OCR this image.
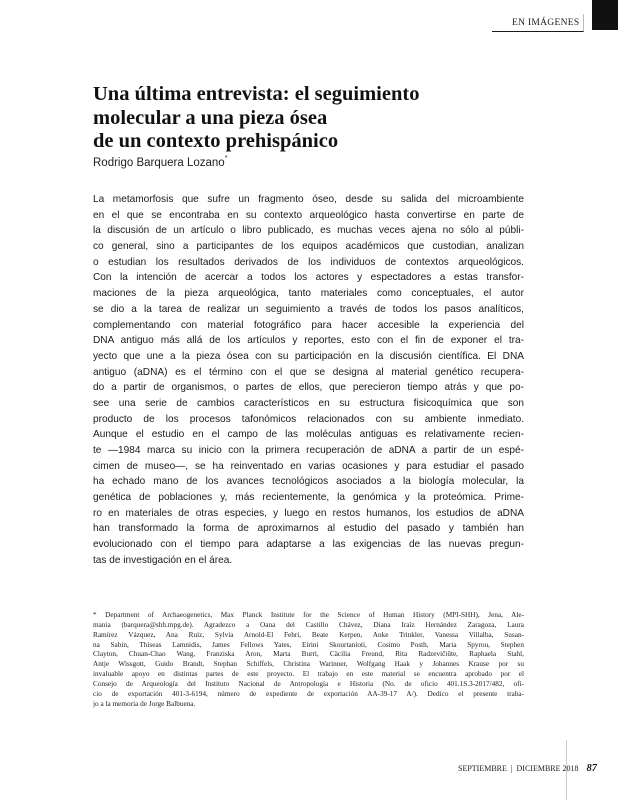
EN IMÁGENES
Una última entrevista: el seguimiento
molecular a una pieza ósea
de un contexto prehispánico
Rodrigo Barquera Lozano*
La metamorfosis que sufre un fragmento óseo, desde su salida del microambiente
en el que se encontraba en su contexto arqueológico hasta convertirse en parte de
la discusión de un artículo o libro publicado, es muchas veces ajena no sólo al públi-
co general, sino a participantes de los equipos académicos que custodian, analizan
o estudian los resultados derivados de los individuos de contextos arqueológicos.
Con la intención de acercar a todos los actores y espectadores a estas transfor-
maciones de la pieza arqueológica, tanto materiales como conceptuales, el autor
se dio a la tarea de realizar un seguimiento a través de todos los pasos analíticos,
complementando con material fotográfico para hacer accesible la experiencia del
DNA antiguo más allá de los artículos y reportes, esto con el fin de exponer el tra-
yecto que une a la pieza ósea con su participación en la discusión científica. El DNA
antiguo (aDNA) es el término con el que se designa al material genético recupera-
do a partir de organismos, o partes de ellos, que perecieron tiempo atrás y que po-
see una serie de cambios característicos en su estructura fisicoquímica que son
producto de los procesos tafonómicos relacionados con su ambiente inmediato.
Aunque el estudio en el campo de las moléculas antiguas es relativamente recien-
te —1984 marca su inicio con la primera recuperación de aDNA a partir de un espé-
cimen de museo—, se ha reinventado en varias ocasiones y para estudiar el pasado
ha echado mano de los avances tecnológicos asociados a la biología molecular, la
genética de poblaciones y, más recientemente, la genómica y la proteómica. Prime-
ro en materiales de otras especies, y luego en restos humanos, los estudios de aDNA
han transformado la forma de aproximarnos al estudio del pasado y también han
evolucionado con el tiempo para adaptarse a las exigencias de las nuevas pregun-
tas de investigación en el área.
* Department of Archaeogenetics, Max Planck Institute for the Science of Human History (MPI-SHH), Jena, Ale-
mania (barquera@shh.mpg.de). Agradezco a Oana del Castillo Chávez, Diana Iraíz Hernández Zaragoza, Laura
Ramírez Vázquez, Ana Ruiz, Sylvia Arnold-El Fehri, Beate Kerpen, Anke Trinkler, Vanessa Villalba, Susan-
na Sabin, Thiseas Lamnidis, James Fellows Yates, Eirini Skourtanioti, Cosimo Posth, Maria Spyrou, Stephen
Clayton, Chuan-Chao Wang, Franziska Aron, Marta Burri, Cäcilia Freund, Rita Radzevičiūte, Raphaela Stahl,
Antje Wissgott, Guido Brandt, Stephan Schiffels, Christina Warinner, Wolfgang Haak y Johannes Krause por su
invaluable apoyo en distintas partes de este proyecto. El trabajo en este material se encuentra aprobado por el
Consejo de Arqueología del Instituto Nacional de Antropología e Historia (No. de oficio 401.1S.3-2017/482, ofi-
cio de exportación 401-3-6194, número de expediente de exportación AA-39-17 A/). Dedico el presente traba-
jo a la memoria de Jorge Balbuena.
SEPTIEMBRE | DICIEMBRE 2018 87
